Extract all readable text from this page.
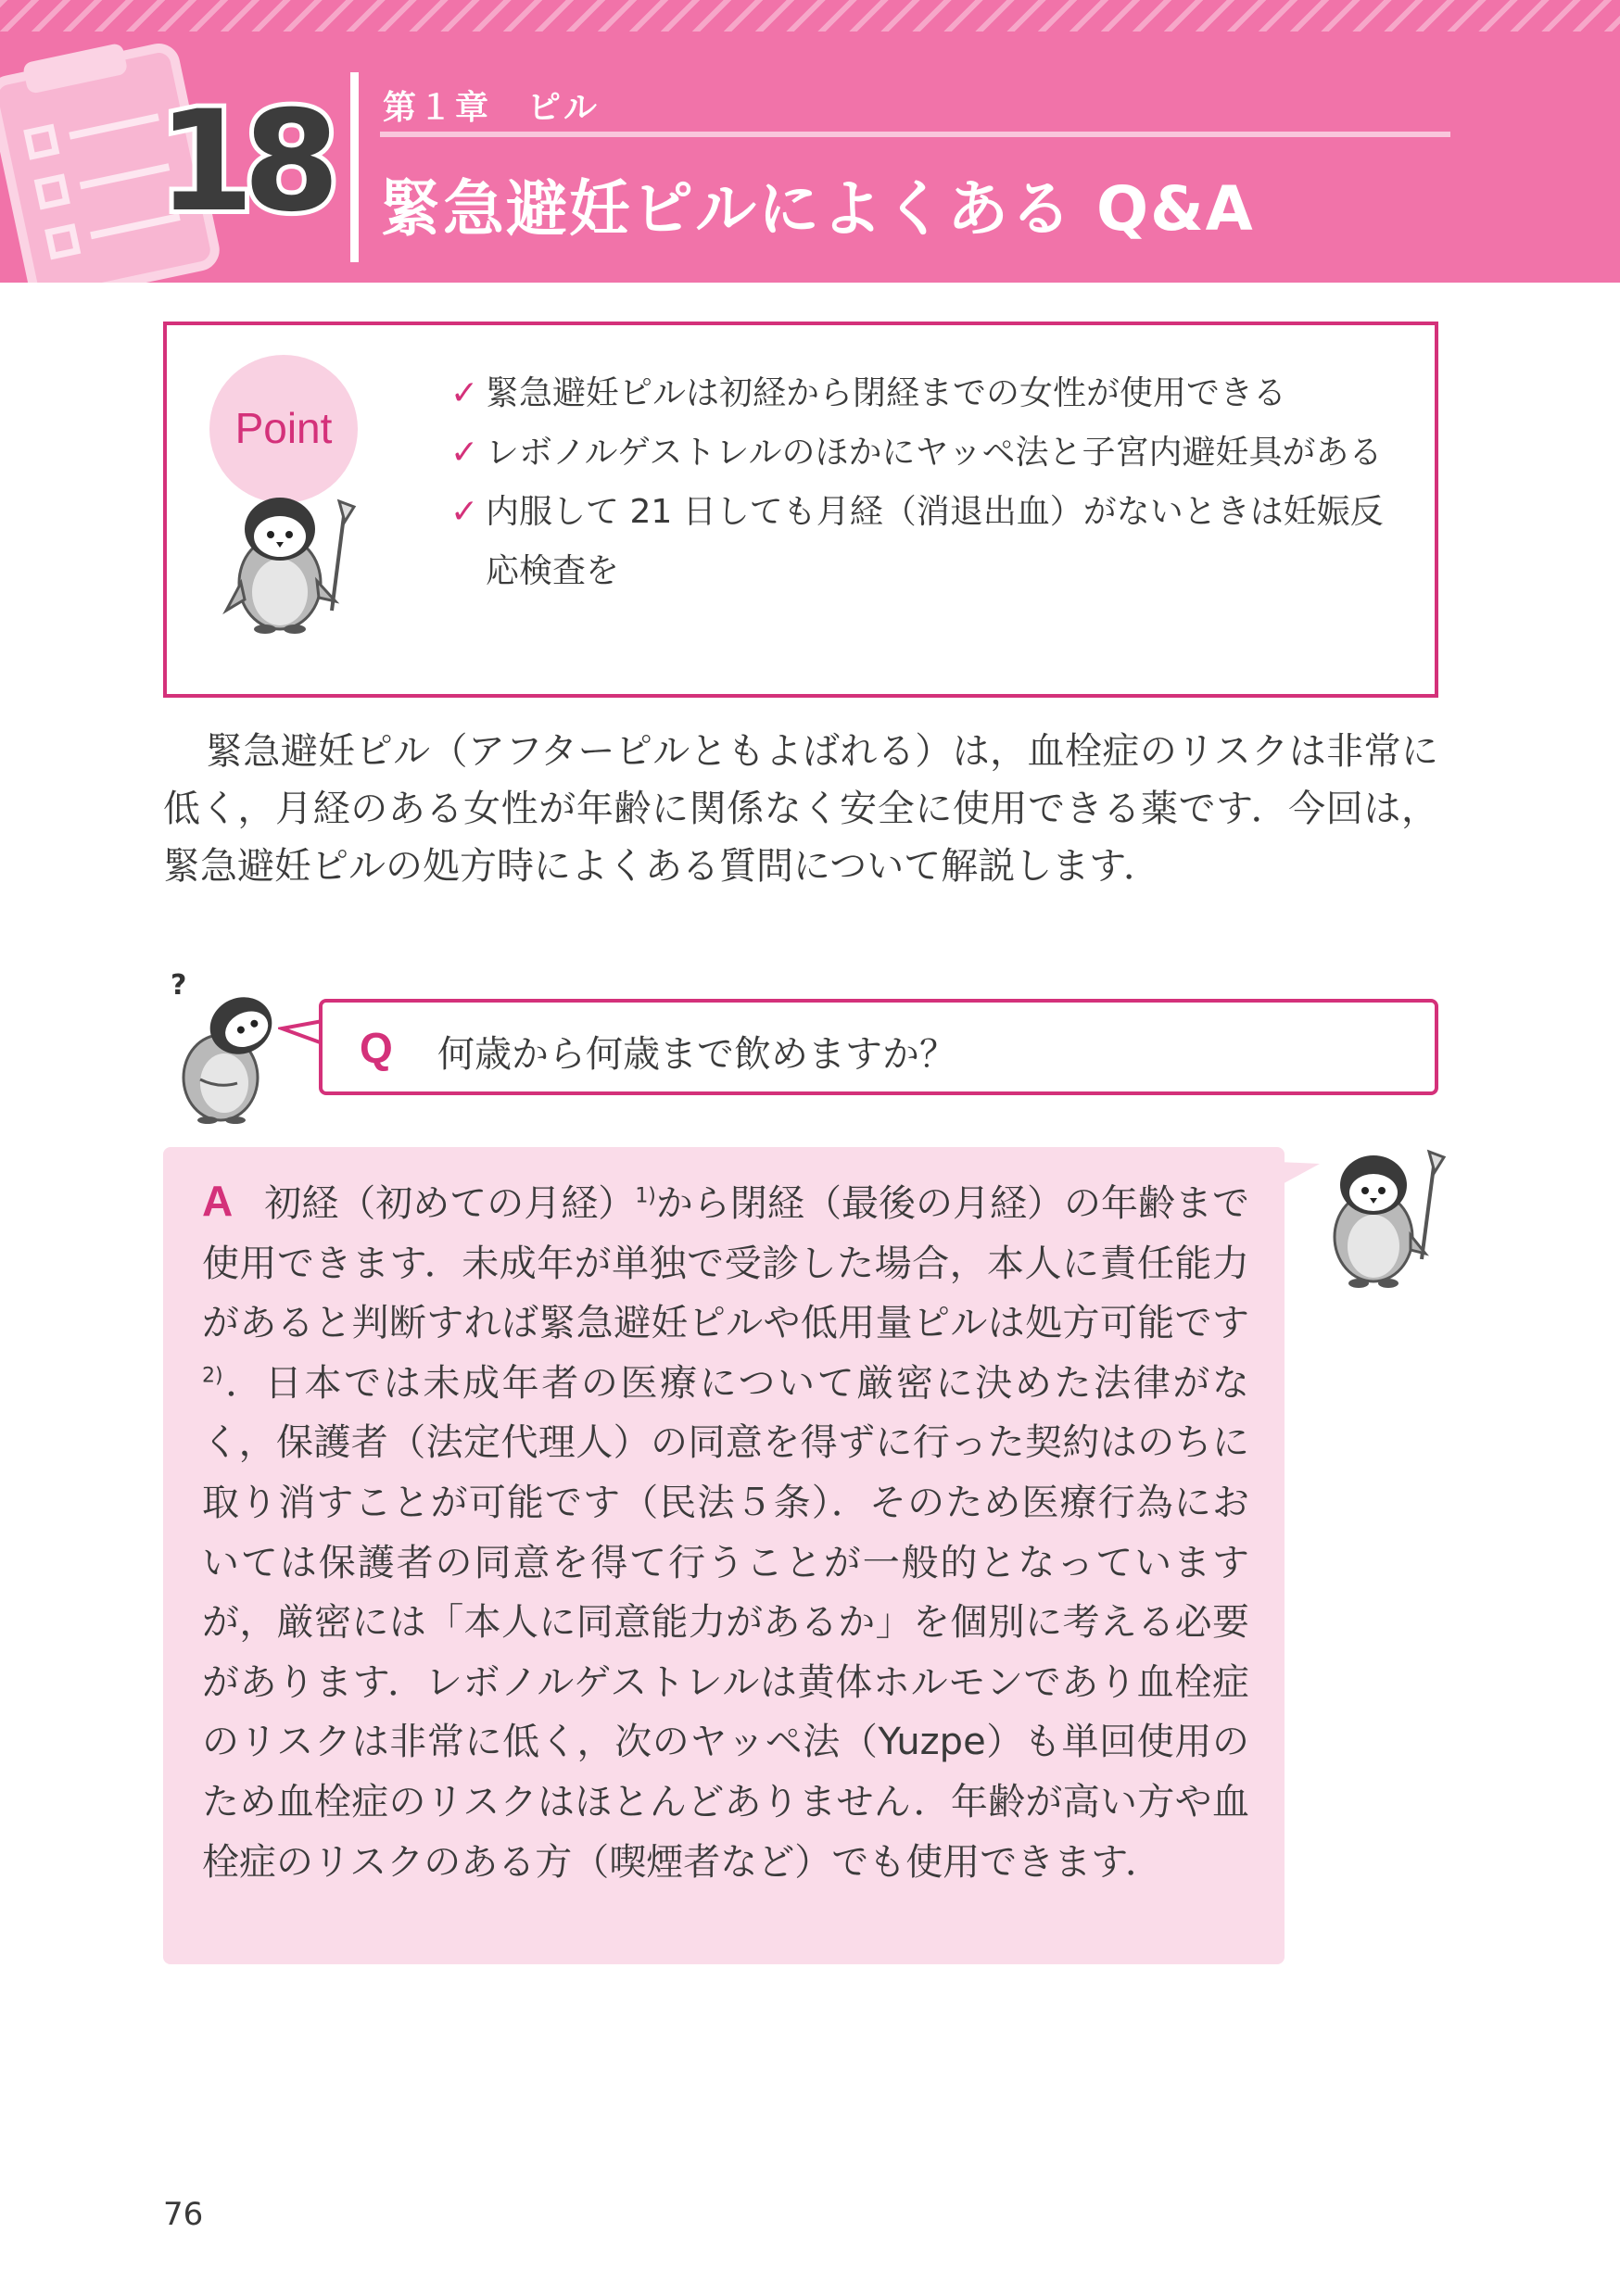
18 第１章　ピル
緊急避妊ピルによくある Q&A
Point
✓ 緊急避妊ピルは初経から閉経までの女性が使用できる
✓ レボノルゲストレルのほかにヤッペ法と子宮内避妊具がある
✓ 内服して 21 日しても月経（消退出血）がないときは妊娠反応検査を

緊急避妊ピル（アフターピルともよばれる）は，血栓症のリスクは非常に低く，月経のある女性が年齢に関係なく安全に使用できる薬です．今回は，緊急避妊ピルの処方時によくある質問について解説します．

?
Q 何歳から何歳まで飲めますか？

A 初経（初めての月経）$^{1)}$から閉経（最後の月経）の年齢まで使用できます．未成年が単独で受診した場合，本人に責任能力があると判断すれば緊急避妊ピルや低用量ピルは処方可能です$^{2)}$．日本では未成年者の医療について厳密に決めた法律がなく，保護者（法定代理人）の同意を得ずに行った契約はのちに取り消すことが可能です（民法５条）．そのため医療行為においては保護者の同意を得て行うことが一般的となっていますが，厳密には「本人に同意能力があるか」を個別に考える必要があります．レボノルゲストレルは黄体ホルモンであり血栓症のリスクは非常に低く，次のヤッペ法（Yuzpe）も単回使用のため血栓症のリスクはほとんどありません．年齢が高い方や血栓症のリスクのある方（喫煙者など）でも使用できます．

76
